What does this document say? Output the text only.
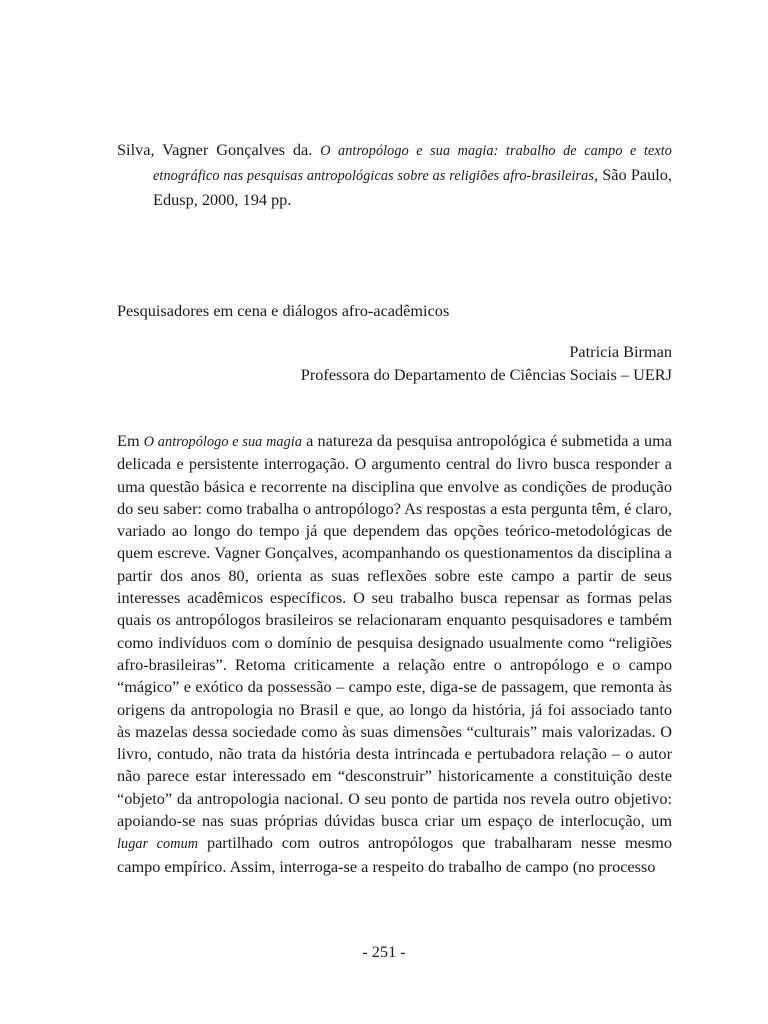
Silva, Vagner Gonçalves da. O antropólogo e sua magia: trabalho de campo e texto etnográfico nas pesquisas antropológicas sobre as religiões afro-brasileiras, São Paulo, Edusp, 2000, 194 pp.
Pesquisadores em cena e diálogos afro-acadêmicos
Patricia Birman
Professora do Departamento de Ciências Sociais – UERJ

Em O antropólogo e sua magia a natureza da pesquisa antropológica é submetida a uma delicada e persistente interrogação. O argumento central do livro busca responder a uma questão básica e recorrente na disciplina que envolve as condições de produção do seu saber: como trabalha o antropólogo? As respostas a esta pergunta têm, é claro, variado ao longo do tempo já que dependem das opções teórico-metodológicas de quem escreve. Vagner Gonçalves, acompanhando os questionamentos da disciplina a partir dos anos 80, orienta as suas reflexões sobre este campo a partir de seus interesses acadêmicos específicos. O seu trabalho busca repensar as formas pelas quais os antropólogos brasileiros se relacionaram enquanto pesquisadores e também como indivíduos com o domínio de pesquisa designado usualmente como “religiões afro-brasileiras”. Retoma criticamente a relação entre o antropólogo e o campo “mágico” e exótico da possessão – campo este, diga-se de passagem, que remonta às origens da antropologia no Brasil e que, ao longo da história, já foi associado tanto às mazelas dessa sociedade como às suas dimensões “culturais” mais valorizadas. O livro, contudo, não trata da história desta intrincada e pertubadora relação – o autor não parece estar interessado em “desconstruir” historicamente a constituição deste “objeto” da antropologia nacional. O seu ponto de partida nos revela outro objetivo: apoiando-se nas suas próprias dúvidas busca criar um espaço de interlocução, um lugar comum partilhado com outros antropólogos que trabalharam nesse mesmo campo empírico. Assim, interroga-se a respeito do trabalho de campo (no processo

- 251 -
